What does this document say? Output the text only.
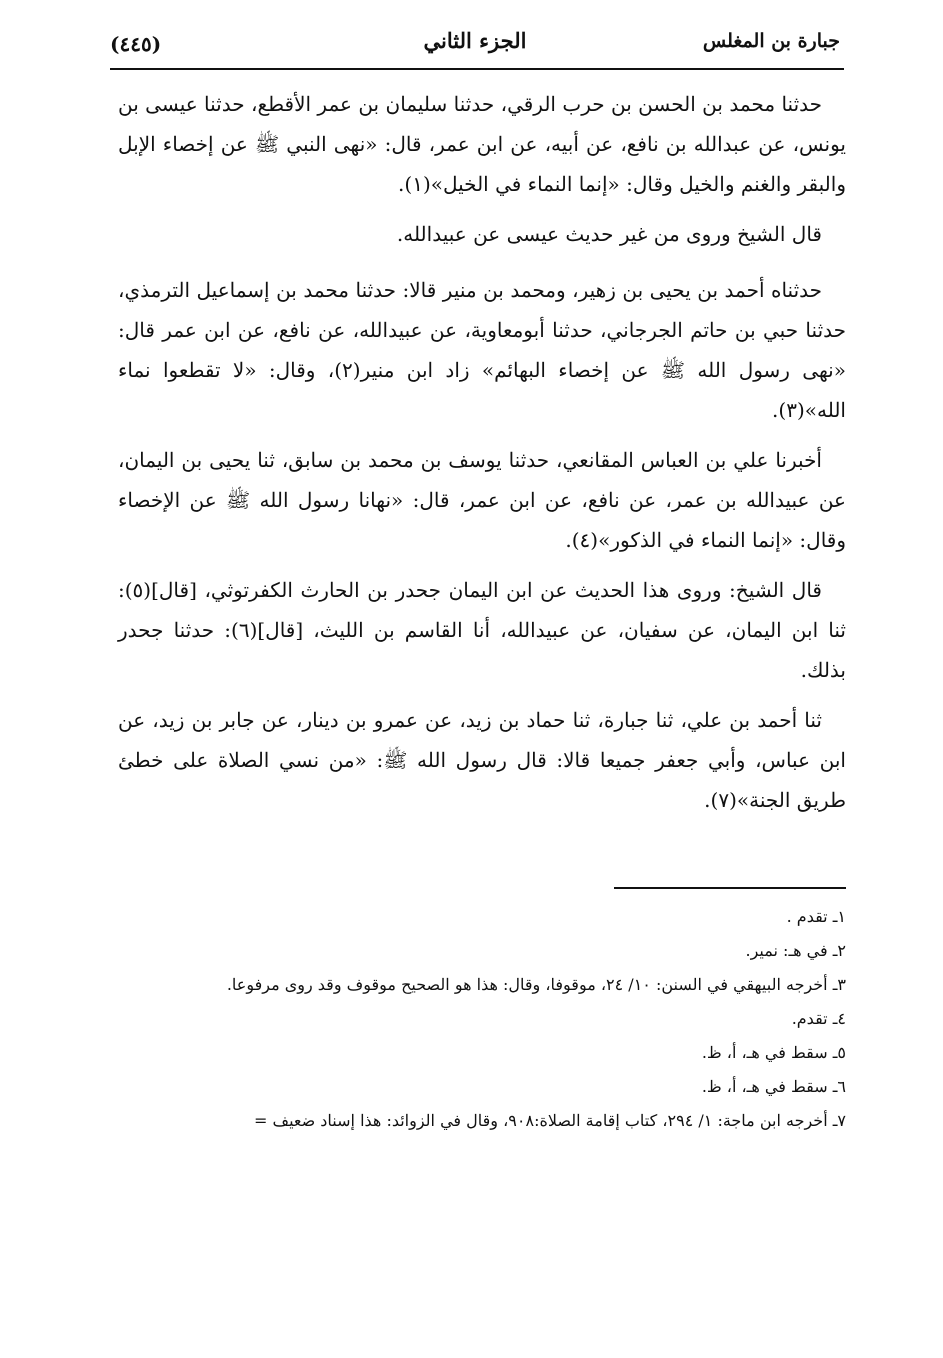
جبارة بن المغلس
الجزء الثاني
(٤٤٥)

حدثنا محمد بن الحسن بن حرب الرقي، حدثنا سليمان بن عمر الأقطع، حدثنا عيسى بن يونس، عن عبدالله بن نافع، عن أبيه، عن ابن عمر، قال: «نهى النبي ﷺ عن إخصاء الإبل والبقر والغنم والخيل وقال: «إنما النماء في الخيل»(١).

قال الشيخ وروى من غير حديث عيسى عن عبيدالله.

حدثناه أحمد بن يحيى بن زهير، ومحمد بن منير قالا: حدثنا محمد بن إسماعيل الترمذي، حدثنا حبي بن حاتم الجرجاني، حدثنا أبومعاوية، عن عبيدالله، عن نافع، عن ابن عمر قال: «نهى رسول الله ﷺ عن إخصاء البهائم» زاد ابن منير(٢)، وقال: «لا تقطعوا نماء الله»(٣).

أخبرنا علي بن العباس المقانعي، حدثنا يوسف بن محمد بن سابق، ثنا يحيى بن اليمان، عن عبيدالله بن عمر، عن نافع، عن ابن عمر، قال: «نهانا رسول الله ﷺ عن الإخصاء وقال: «إنما النماء في الذكور»(٤).

قال الشيخ: وروى هذا الحديث عن ابن اليمان جحدر بن الحارث الكفرتوثي، [قال](٥): ثنا ابن اليمان، عن سفيان، عن عبيدالله، أنا القاسم بن الليث، [قال](٦): حدثنا جحدر بذلك.

ثنا أحمد بن علي، ثنا جبارة، ثنا حماد بن زيد، عن عمرو بن دينار، عن جابر بن زيد، عن ابن عباس، وأبي جعفر جميعا قالا: قال رسول الله ﷺ: «من نسي الصلاة على خطئ طريق الجنة»(٧).

١ـ تقدم .

٢ـ في هـ: نمير.

٣ـ أخرجه البيهقي في السنن: ١٠/ ٢٤، موقوفا، وقال: هذا هو الصحيح موقوف وقد روى مرفوعا.

٤ـ تقدم.

٥ـ سقط في هـ، أ، ظ.

٦ـ سقط في هـ، أ، ظ.

٧ـ أخرجه ابن ماجة: ١/ ٢٩٤، كتاب إقامة الصلاة:٩٠٨، وقال في الزوائد: هذا إسناد ضعيف =
